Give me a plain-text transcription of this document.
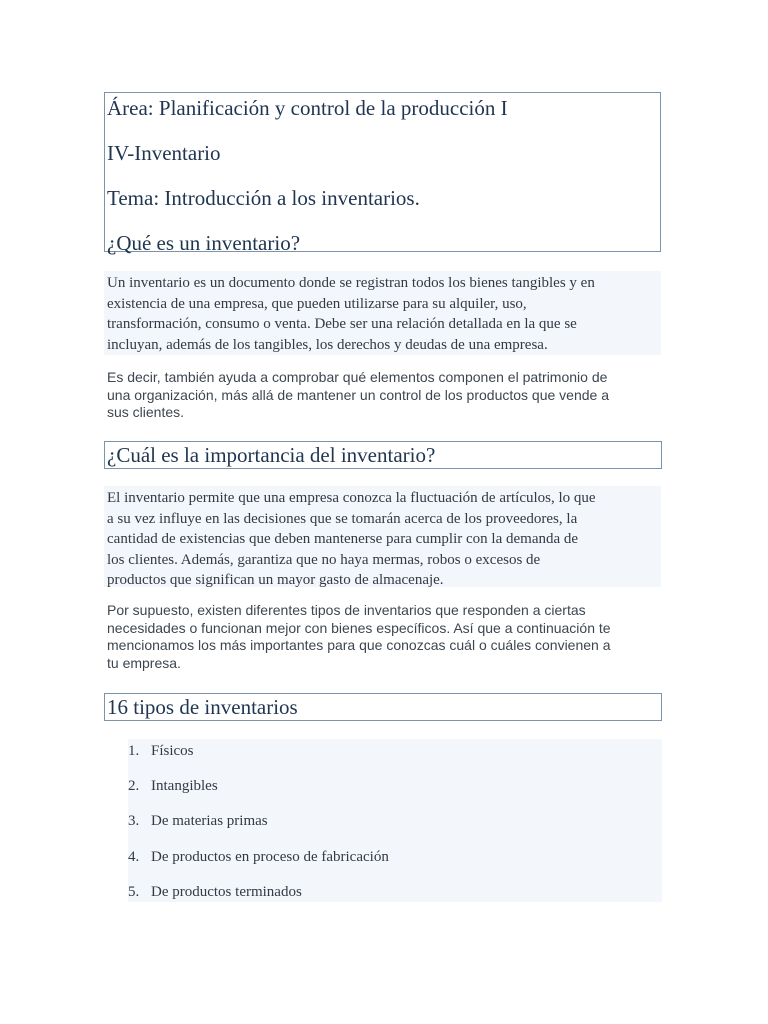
Área: Planificación y control de la producción I
IV-Inventario
Tema: Introducción a los inventarios.
¿Qué es un inventario?

Un inventario es un documento donde se registran todos los bienes tangibles y en
existencia de una empresa, que pueden utilizarse para su alquiler, uso,
transformación, consumo o venta. Debe ser una relación detallada en la que se
incluyan, además de los tangibles, los derechos y deudas de una empresa.

Es decir, también ayuda a comprobar qué elementos componen el patrimonio de
una organización, más allá de mantener un control de los productos que vende a
sus clientes.

¿Cuál es la importancia del inventario?

El inventario permite que una empresa conozca la fluctuación de artículos, lo que
a su vez influye en las decisiones que se tomarán acerca de los proveedores, la
cantidad de existencias que deben mantenerse para cumplir con la demanda de
los clientes. Además, garantiza que no haya mermas, robos o excesos de
productos que significan un mayor gasto de almacenaje.

Por supuesto, existen diferentes tipos de inventarios que responden a ciertas
necesidades o funcionan mejor con bienes específicos. Así que a continuación te
mencionamos los más importantes para que conozcas cuál o cuáles convienen a
tu empresa.

16 tipos de inventarios
1. Físicos
2. Intangibles
3. De materias primas
4. De productos en proceso de fabricación
5. De productos terminados
